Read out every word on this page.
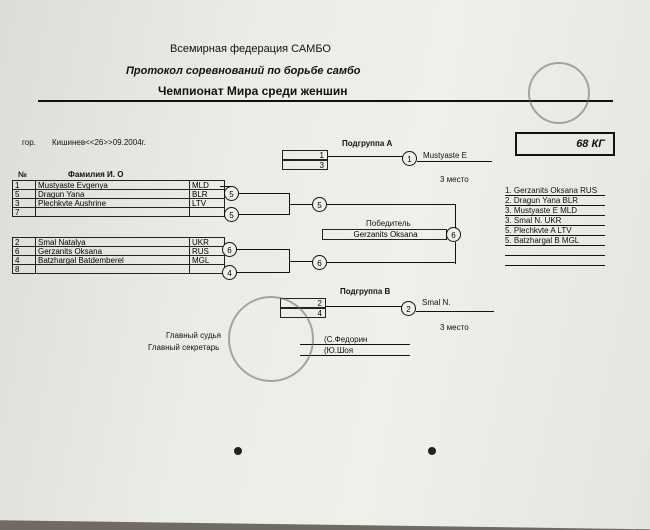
Всемирная федерация САМБО
Протокол соревнований по борьбе самбо
Чемпионат Мира среди женшин
гор. Кишинев<<26>>09.2004г.	68 КГ
Подгруппа А
1
3
1	Mustyaste E
3 место
№	Фамилия И. О
1	Mustyaste Evgenya	MLD
5	Dragun Yana	BLR
3	Plechkvte Aushrine	LTV
7
2	Smal Natalya	UKR
6	Gerzanits Oksana	RUS
4	Batzhargal Batdemberel	MGL
8
5
5
5
Победитель
Gerzanits Oksana	6
6
4
6
Подгруппа В
2
4	2
Smal N.
3 место
Главный судья
Главный секретарь
(С.Федорин
(Ю.Шоя
1. Gerzanits Oksana RUS
2. Dragun Yana BLR
3. Mustyaste E MLD
3. Smal N. UKR
5. Plechkvte A LTV
5. Batzhargal B MGL
